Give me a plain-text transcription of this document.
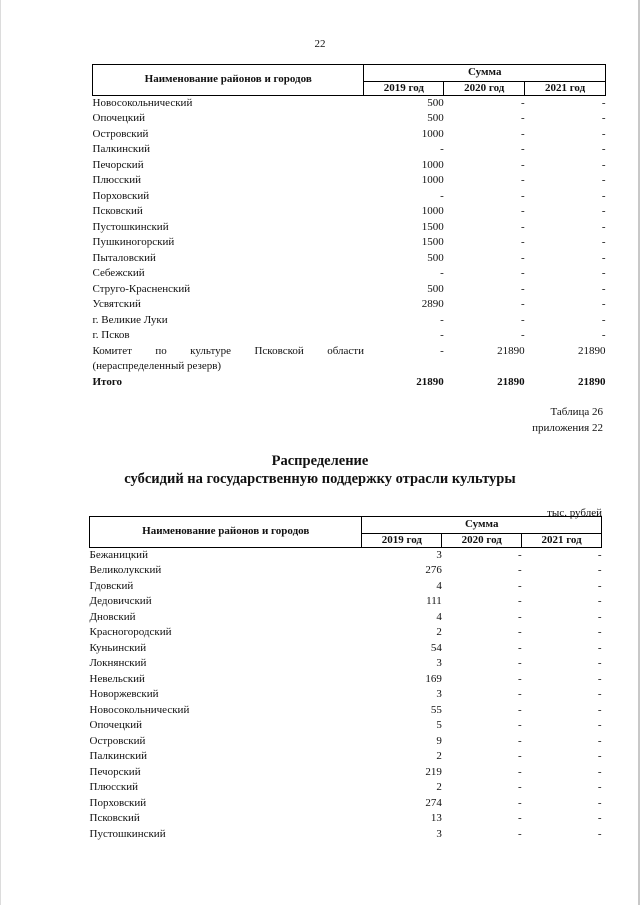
22
Наименование районов и городов	Сумма		
	2019 год	2020 год	2021 год
Новосокольнический	500	-	-
Опочецкий	500	-	-
Островский	1000	-	-
Палкинский	-	-	-
Печорский	1000	-	-
Плюсский	1000	-	-
Порховский	-	-	-
Псковский	1000	-	-
Пустошкинский	1500	-	-
Пушкиногорский	1500	-	-
Пыталовский	500	-	-
Себежский	-	-	-
Струго-Красненский	500	-	-
Усвятский	2890	-	-
г. Великие Луки	-	-	-
г. Псков	-	-	-
Комитет по культуре Псковской области (нераспределенный резерв)	-	21890	21890
Итого	21890	21890	21890
Таблица 26
приложения 22
Распределение
субсидий на государственную поддержку отрасли культуры
тыс. рублей
Наименование районов и городов	Сумма		
	2019 год	2020 год	2021 год
Бежаницкий	3	-	-
Великолукский	276	-	-
Гдовский	4	-	-
Дедовичский	111	-	-
Дновский	4	-	-
Красногородский	2	-	-
Куньинский	54	-	-
Локнянский	3	-	-
Невельский	169	-	-
Новоржевский	3	-	-
Новосокольнический	55	-	-
Опочецкий	5	-	-
Островский	9	-	-
Палкинский	2	-	-
Печорский	219	-	-
Плюсский	2	-	-
Порховский	274	-	-
Псковский	13	-	-
Пустошкинский	3	-	-
